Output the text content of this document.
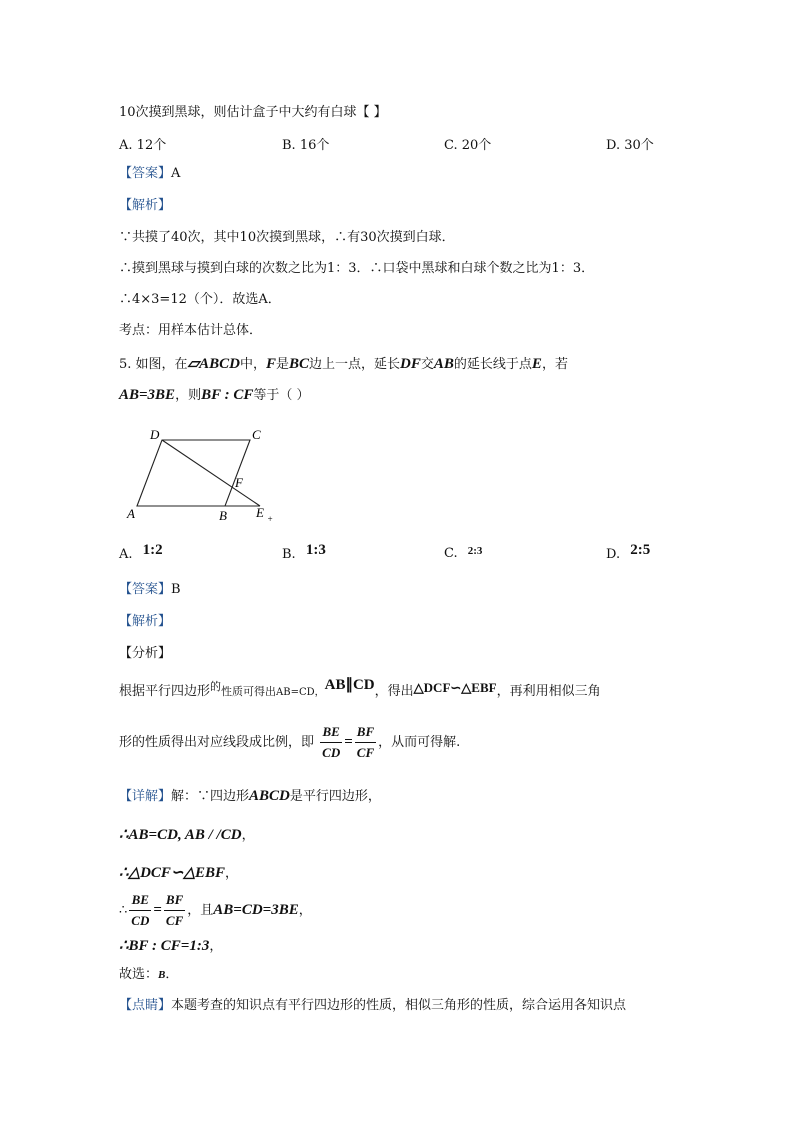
10次摸到黑球，则估计盒子中大约有白球【 】
A. 12个	B. 16个	C. 20个	D. 30个
【答案】A
【解析】
∵共摸了40次，其中10次摸到黑球，∴有30次摸到白球．
∴摸到黑球与摸到白球的次数之比为1：3．∴口袋中黑球和白球个数之比为1：3．
∴4×3=12（个）．故选A．
考点：用样本估计总体．
5. 如图，在▱ABCD中，F是BC边上一点，延长DF交AB的延长线于点E，若
AB=3BE，则BF : CF等于（ ）
D	C
F
A	B E +
A. 1:2	B. 1:3	C. $^{2:3}$	D. 2:5
【答案】B
【解析】
【分析】
根据平行四边形$^的$性质可得出AB=CD，AB∥CD，得出△DCF∽△EBF，再利用相似三角
形的性质得出对应线段成比例，即 $\frac{BE}{CD} = \frac{BF}{CF}$ ，从而可得解.
【详解】解：∵四边形ABCD是平行四边形，
∴AB=CD, AB / /CD，
∴△DCF∽△EBF，
∴ $\frac{BE}{CD} = \frac{BF}{CF}$ ，且AB=CD=3BE，
∴BF : CF=1:3，
故选：B．
【点睛】本题考查的知识点有平行四边形的性质，相似三角形的性质，综合运用各知识点
